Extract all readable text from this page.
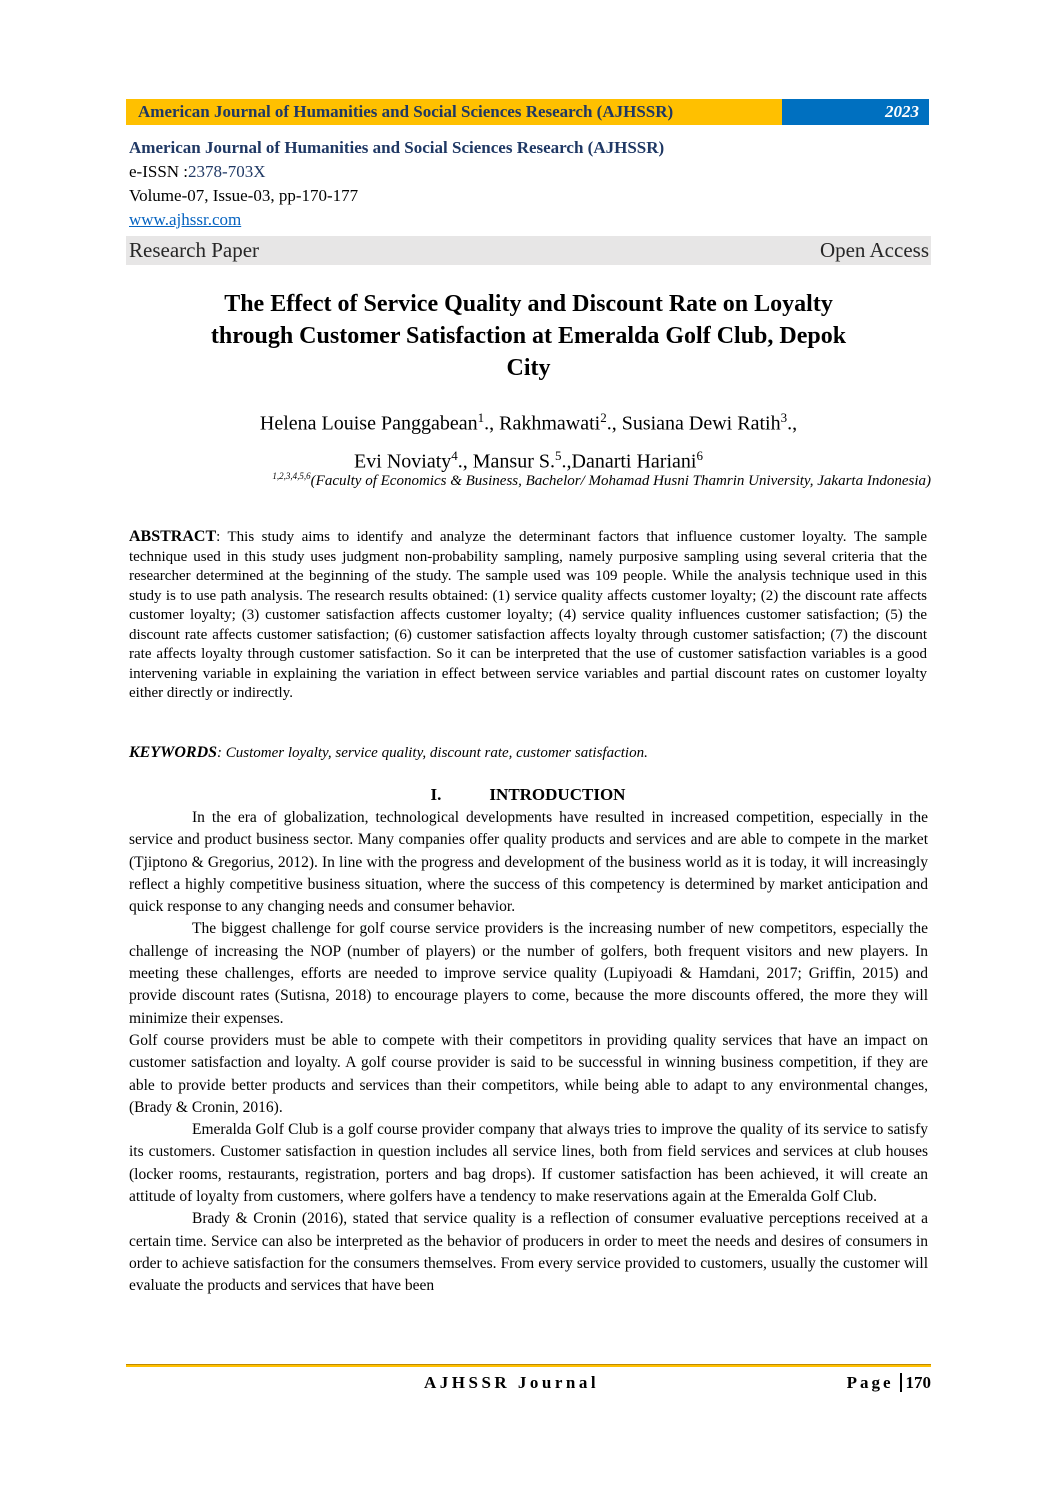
American Journal of Humanities and Social Sciences Research (AJHSSR)	2023
American Journal of Humanities and Social Sciences Research (AJHSSR)
e-ISSN :2378-703X
Volume-07, Issue-03, pp-170-177
www.ajhssr.com
Research Paper	Open Access
The Effect of Service Quality and Discount Rate on Loyalty
through Customer Satisfaction at Emeralda Golf Club, Depok
City
Helena Louise Panggabean$^1$., Rakhmawati$^2$., Susiana Dewi Ratih$^3$.,
Evi Noviaty$^4$., Mansur S.$^5$.,Danarti Hariani$^6$
$^{1,2,3,4,5,6}$(Faculty of Economics & Business, Bachelor/ Mohamad Husni Thamrin University, Jakarta Indonesia)
ABSTRACT: This study aims to identify and analyze the determinant factors that influence customer loyalty. The sample technique used in this study uses judgment non-probability sampling, namely purposive sampling using several criteria that the researcher determined at the beginning of the study. The sample used was 109 people. While the analysis technique used in this study is to use path analysis. The research results obtained: (1) service quality affects customer loyalty; (2) the discount rate affects customer loyalty; (3) customer satisfaction affects customer loyalty; (4) service quality influences customer satisfaction; (5) the discount rate affects customer satisfaction; (6) customer satisfaction affects loyalty through customer satisfaction; (7) the discount rate affects loyalty through customer satisfaction. So it can be interpreted that the use of customer satisfaction variables is a good intervening variable in explaining the variation in effect between service variables and partial discount rates on customer loyalty either directly or indirectly.
KEYWORDS: Customer loyalty, service quality, discount rate, customer satisfaction.
I.	INTRODUCTION

In the era of globalization, technological developments have resulted in increased competition, especially in the service and product business sector. Many companies offer quality products and services and are able to compete in the market (Tjiptono & Gregorius, 2012). In line with the progress and development of the business world as it is today, it will increasingly reflect a highly competitive business situation, where the success of this competency is determined by market anticipation and quick response to any changing needs and consumer behavior.

The biggest challenge for golf course service providers is the increasing number of new competitors, especially the challenge of increasing the NOP (number of players) or the number of golfers, both frequent visitors and new players. In meeting these challenges, efforts are needed to improve service quality (Lupiyoadi & Hamdani, 2017; Griffin, 2015) and provide discount rates (Sutisna, 2018) to encourage players to come, because the more discounts offered, the more they will minimize their expenses.

Golf course providers must be able to compete with their competitors in providing quality services that have an impact on customer satisfaction and loyalty. A golf course provider is said to be successful in winning business competition, if they are able to provide better products and services than their competitors, while being able to adapt to any environmental changes, (Brady & Cronin, 2016).

Emeralda Golf Club is a golf course provider company that always tries to improve the quality of its service to satisfy its customers. Customer satisfaction in question includes all service lines, both from field services and services at club houses (locker rooms, restaurants, registration, porters and bag drops). If customer satisfaction has been achieved, it will create an attitude of loyalty from customers, where golfers have a tendency to make reservations again at the Emeralda Golf Club.

Brady & Cronin (2016), stated that service quality is a reflection of consumer evaluative perceptions received at a certain time. Service can also be interpreted as the behavior of producers in order to meet the needs and desires of consumers in order to achieve satisfaction for the consumers themselves. From every service provided to customers, usually the customer will evaluate the products and services that have been

AJHSSR Journal	Page 170
